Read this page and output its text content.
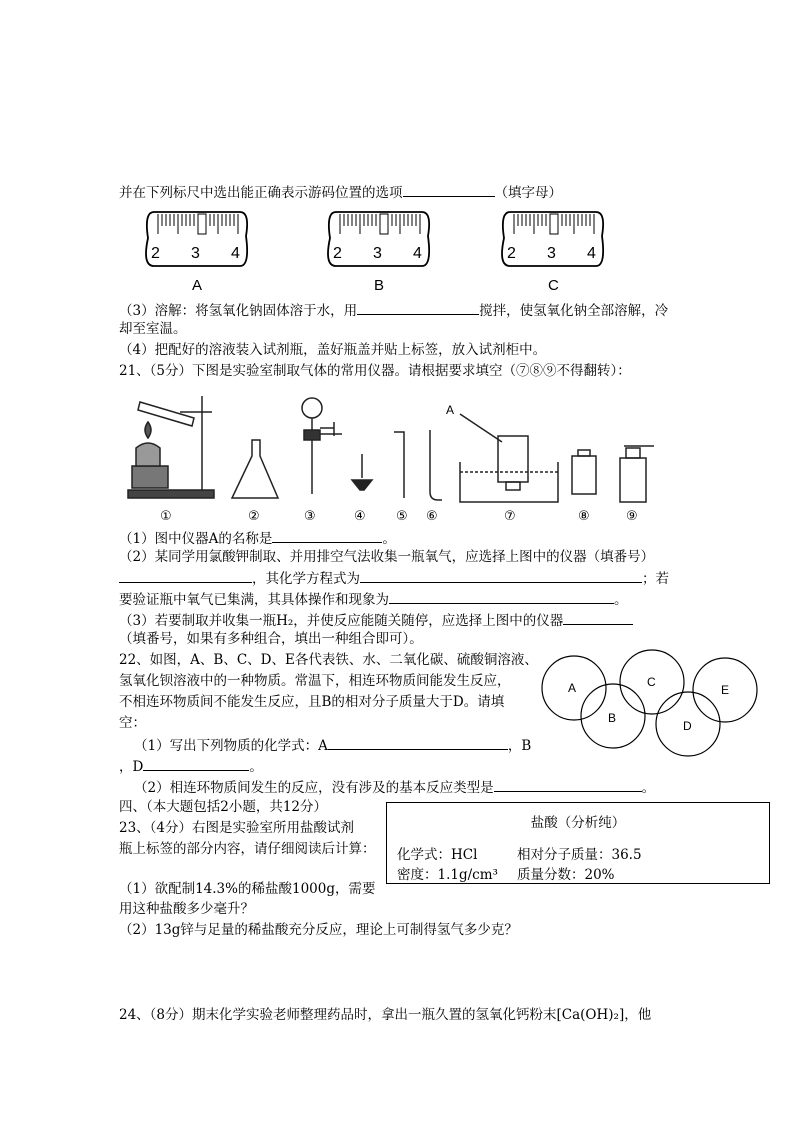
并在下列标尺中选出能正确表示游码位置的选项	（填字母）
2 3 4
A
2 3 4
B
2 3 4
C
（3）溶解：将氢氧化钠固体溶于水，用	搅拌，使氢氧化钠全部溶解，冷
却至室温。
（4）把配好的溶液装入试剂瓶，盖好瓶盖并贴上标签，放入试剂柜中。
21、（5分）下图是实验室制取气体的常用仪器。请根据要求填空（⑦⑧⑨不得翻转）：
A
①	②	③	④ ⑤ ⑥	⑦	⑧	⑨
（1）图中仪器A的名称是	。
（2）某同学用氯酸钾制取、并用排空气法收集一瓶氧气，应选择上图中的仪器（填番号）
，其化学方程式为	；若
要验证瓶中氧气已集满，其具体操作和现象为	。
（3）若要制取并收集一瓶H₂，并使反应能随关随停，应选择上图中的仪器
（填番号，如果有多种组合，填出一种组合即可）。
22、如图，A、B、C、D、E各代表铁、水、二氧化碳、硫酸铜溶液、
氢氧化钡溶液中的一种物质。常温下，相连环物质间能发生反应，
不相连环物质间不能发生反应，且B的相对分子质量大于D。请填
空：
A
B
C
D
E
（1）写出下列物质的化学式：A	，B
，D	。
（2）相连环物质间发生的反应，没有涉及的基本反应类型是	。
四、（本大题包括2小题，共12分）
23、（4分）右图是实验室所用盐酸试剂
瓶上标签的部分内容，请仔细阅读后计算：
盐酸（分析纯）
化学式：HCl	相对分子质量：36.5
密度：1.1g/cm³ 质量分数：20%
（1）欲配制14.3%的稀盐酸1000g，需要
用这种盐酸多少毫升？
（2）13g锌与足量的稀盐酸充分反应，理论上可制得氢气多少克？
24、（8分）期末化学实验老师整理药品时，拿出一瓶久置的氢氧化钙粉末[Ca(OH)₂]，他
